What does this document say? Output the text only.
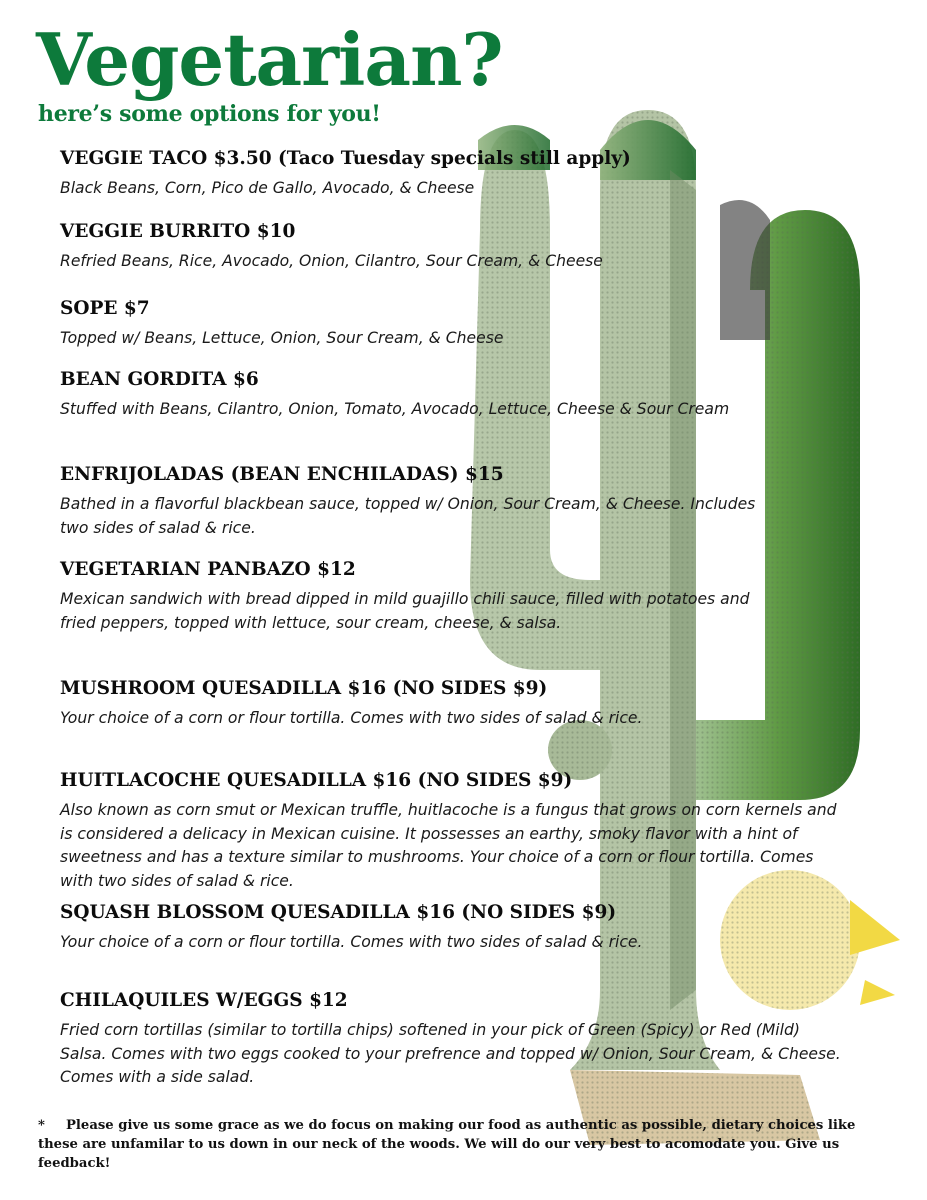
Vegetarian?
here’s some options for you!
VEGGIE TACO $3.50 (Taco Tuesday specials still apply)
Black Beans, Corn, Pico de Gallo, Avocado, & Cheese
VEGGIE BURRITO $10
Refried Beans, Rice, Avocado, Onion, Cilantro, Sour Cream, & Cheese
SOPE $7
Topped w/ Beans, Lettuce, Onion, Sour Cream, & Cheese
BEAN GORDITA $6
Stuffed with Beans, Cilantro, Onion, Tomato, Avocado, Lettuce, Cheese & Sour Cream
ENFRIJOLADAS (BEAN ENCHILADAS) $15
Bathed in a flavorful blackbean sauce, topped w/ Onion, Sour Cream, & Cheese. Includes two sides of salad & rice.
VEGETARIAN PANBAZO $12
Mexican sandwich with bread dipped in mild guajillo chili sauce, filled with potatoes and fried peppers, topped with lettuce, sour cream, cheese, & salsa.
MUSHROOM QUESADILLA $16 (NO SIDES $9)
Your choice of a corn or flour tortilla. Comes with two sides of salad & rice.
HUITLACOCHE QUESADILLA $16 (NO SIDES $9)
Also known as corn smut or Mexican truffle, huitlacoche is a fungus that grows on corn kernels and is considered a delicacy in Mexican cuisine. It possesses an earthy, smoky flavor with a hint of sweetness and has a texture similar to mushrooms. Your choice of a corn or flour tortilla. Comes with two sides of salad & rice.
SQUASH BLOSSOM QUESADILLA $16 (NO SIDES $9)
Your choice of a corn or flour tortilla. Comes with two sides of salad & rice.
CHILAQUILES W/EGGS $12
Fried corn tortillas (similar to tortilla chips) softened in your pick of Green (Spicy) or Red (Mild) Salsa. Comes with two eggs cooked to your prefrence and topped w/ Onion, Sour Cream, & Cheese. Comes with a side salad.
* Please give us some grace as we do focus on making our food as authentic as possible, dietary choices like these are unfamilar to us down in our neck of the woods. We will do our very best to acomodate you. Give us feedback!
